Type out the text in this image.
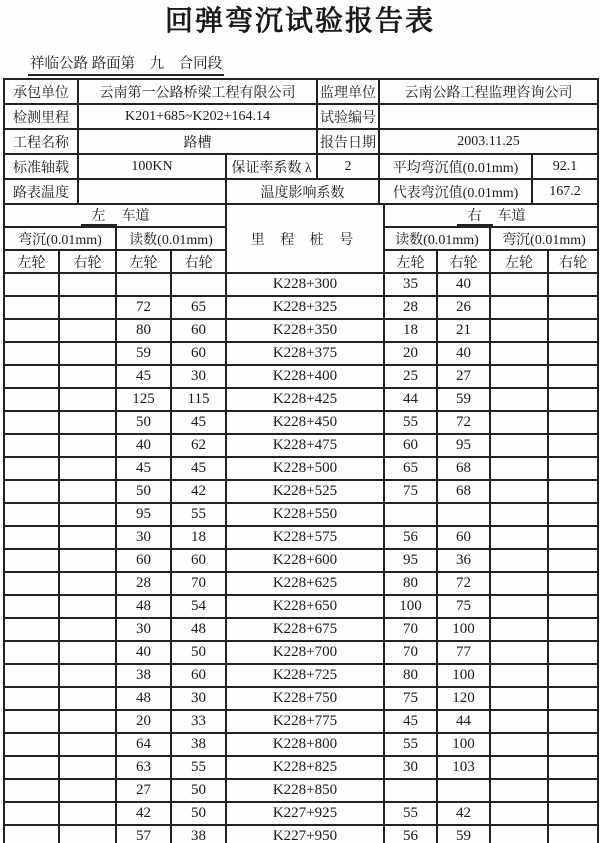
回弹弯沉试验报告表
祥临公路 路面第　九　合同段
承包单位	云南第一公路桥梁工程有限公司		监理单位	云南公路工程监理咨询公司	
检测里程	K201+685~K202+164.14		试验编号		
工程名称	路槽		报告日期	2003.11.25	
标准轴载	100KN	保证率系数 λ	2	平均弯沉值(0.01mm)	92.1
路表温度		温度影响系数		代表弯沉值(0.01mm)	167.2
左 车道				里 程 桩 号	右 车道			
弯沉(0.01mm)		读数(0.01mm)			读数(0.01mm)		弯沉(0.01mm)	
左轮	右轮	左轮	右轮		左轮	右轮	左轮	右轮
				K228+300	35	40		
		72	65	K228+325	28	26		
		80	60	K228+350	18	21		
		59	60	K228+375	20	40		
		45	30	K228+400	25	27		
		125	115	K228+425	44	59		
		50	45	K228+450	55	72		
		40	62	K228+475	60	95		
		45	45	K228+500	65	68		
		50	42	K228+525	75	68		
		95	55	K228+550				
		30	18	K228+575	56	60		
		60	60	K228+600	95	36		
		28	70	K228+625	80	72		
		48	54	K228+650	100	75		
		30	48	K228+675	70	100		
		40	50	K228+700	70	77		
		38	60	K228+725	80	100		
		48	30	K228+750	75	120		
		20	33	K228+775	45	44		
		64	38	K228+800	55	100		
		63	55	K228+825	30	103		
		27	50	K228+850				
		42	50	K227+925	55	42		
		57	38	K227+950	56	59		
